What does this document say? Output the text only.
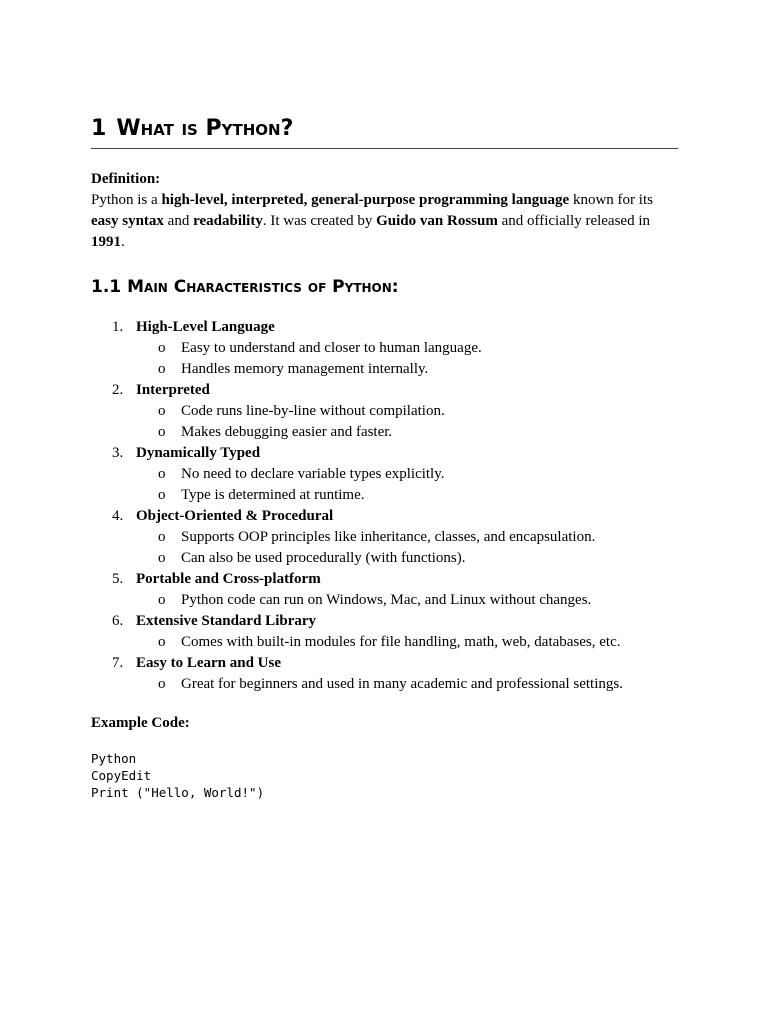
1 What is Python?
Definition:

Python is a high-level, interpreted, general-purpose programming language known for its easy syntax and readability. It was created by Guido van Rossum and officially released in 1991.

1.1 Main Characteristics of Python:
1. High-Level Language
o Easy to understand and closer to human language.
o Handles memory management internally.
2. Interpreted
o Code runs line-by-line without compilation.
o Makes debugging easier and faster.
3. Dynamically Typed
o No need to declare variable types explicitly.
o Type is determined at runtime.
4. Object-Oriented & Procedural
o Supports OOP principles like inheritance, classes, and encapsulation.
o Can also be used procedurally (with functions).
5. Portable and Cross-platform
o Python code can run on Windows, Mac, and Linux without changes.
6. Extensive Standard Library
o Comes with built-in modules for file handling, math, web, databases, etc.
7. Easy to Learn and Use
o Great for beginners and used in many academic and professional settings.
Example Code:
Python
CopyEdit
Print ("Hello, World!")
